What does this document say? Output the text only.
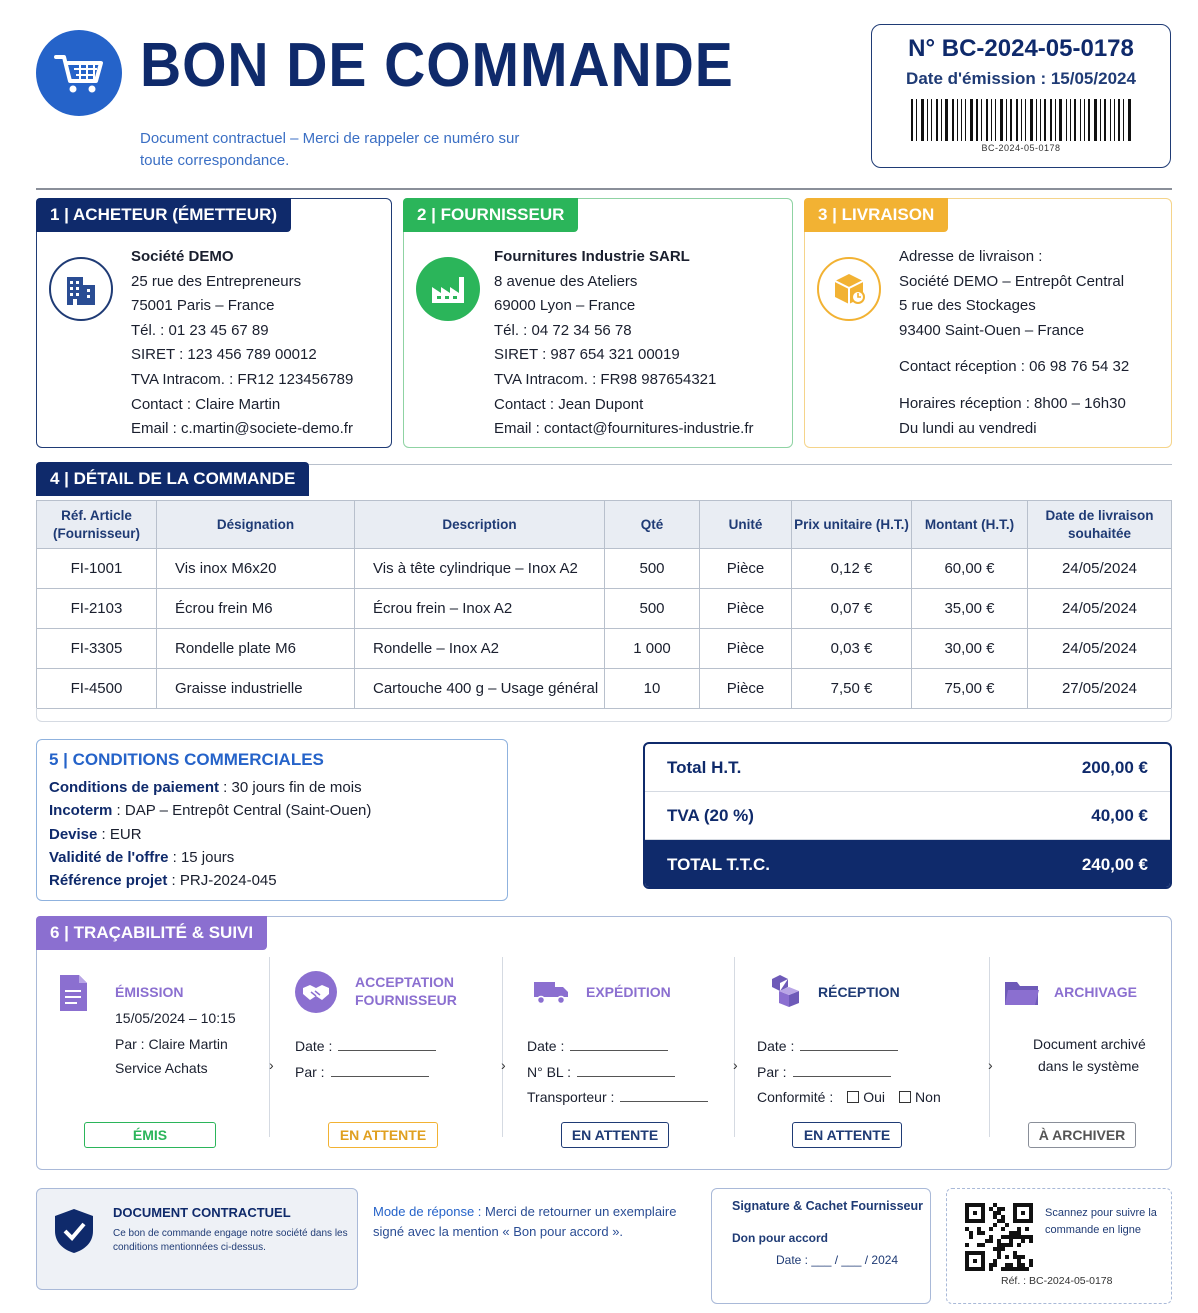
BON DE COMMANDE
Document contractuel – Merci de rappeler ce numéro sur toute correspondance.
N° BC-2024-05-0178
Date d'émission : 15/05/2024
BC-2024-05-0178
1 | ACHETEUR (ÉMETTEUR)
Société DEMO
25 rue des Entrepreneurs
75001 Paris – France
Tél. : 01 23 45 67 89
SIRET : 123 456 789 00012
TVA Intracom. : FR12 123456789
Contact : Claire Martin
Email : c.martin@societe-demo.fr
2 | FOURNISSEUR
Fournitures Industrie SARL
8 avenue des Ateliers
69000 Lyon – France
Tél. : 04 72 34 56 78
SIRET : 987 654 321 00019
TVA Intracom. : FR98 987654321
Contact : Jean Dupont
Email : contact@fournitures-industrie.fr
3 | LIVRAISON
Adresse de livraison :
Société DEMO – Entrepôt Central
5 rue des Stockages
93400 Saint-Ouen – France
Contact réception : 06 98 76 54 32
Horaires réception : 8h00 – 16h30
Du lundi au vendredi
4 | DÉTAIL DE LA COMMANDE
Réf. Article (Fournisseur)	Désignation	Description	Qté	Unité	Prix unitaire (H.T.)	Montant (H.T.)	Date de livraison souhaitée
FI-1001	Vis inox M6x20	Vis à tête cylindrique – Inox A2	500	Pièce	0,12 €	60,00 €	24/05/2024
FI-2103	Écrou frein M6	Écrou frein – Inox A2	500	Pièce	0,07 €	35,00 €	24/05/2024
FI-3305	Rondelle plate M6	Rondelle – Inox A2	1 000	Pièce	0,03 €	30,00 €	24/05/2024
FI-4500	Graisse industrielle	Cartouche 400 g – Usage général	10	Pièce	7,50 €	75,00 €	27/05/2024
5 | CONDITIONS COMMERCIALES
Conditions de paiement : 30 jours fin de mois
Incoterm : DAP – Entrepôt Central (Saint-Ouen)
Devise : EUR
Validité de l'offre : 15 jours
Référence projet : PRJ-2024-045
Total H.T.	200,00 €
TVA (20 %)	40,00 €
TOTAL T.T.C.	240,00 €
6 | TRAÇABILITÉ & SUIVI
ÉMISSION
15/05/2024 – 10:15
Par : Claire Martin
Service Achats
ÉMIS
›
ACCEPTATION
FOURNISSEUR
Date :
Par :
EN ATTENTE
›
EXPÉDITION
Date :
N° BL :
Transporteur :
EN ATTENTE
›
RÉCEPTION
Date :
Par :
Conformité : Oui Non
EN ATTENTE
›
ARCHIVAGE
Document archivé
dans le système
À ARCHIVER
DOCUMENT CONTRACTUEL
Ce bon de commande engage notre société dans les conditions mentionnées ci-dessus.
Mode de réponse : Merci de retourner un exemplaire signé avec la mention « Bon pour accord ».
Signature & Cachet Fournisseur
Don pour accord
Date : ___ / ___ / 2024
Scannez pour suivre la commande en ligne
Réf. : BC-2024-05-0178
